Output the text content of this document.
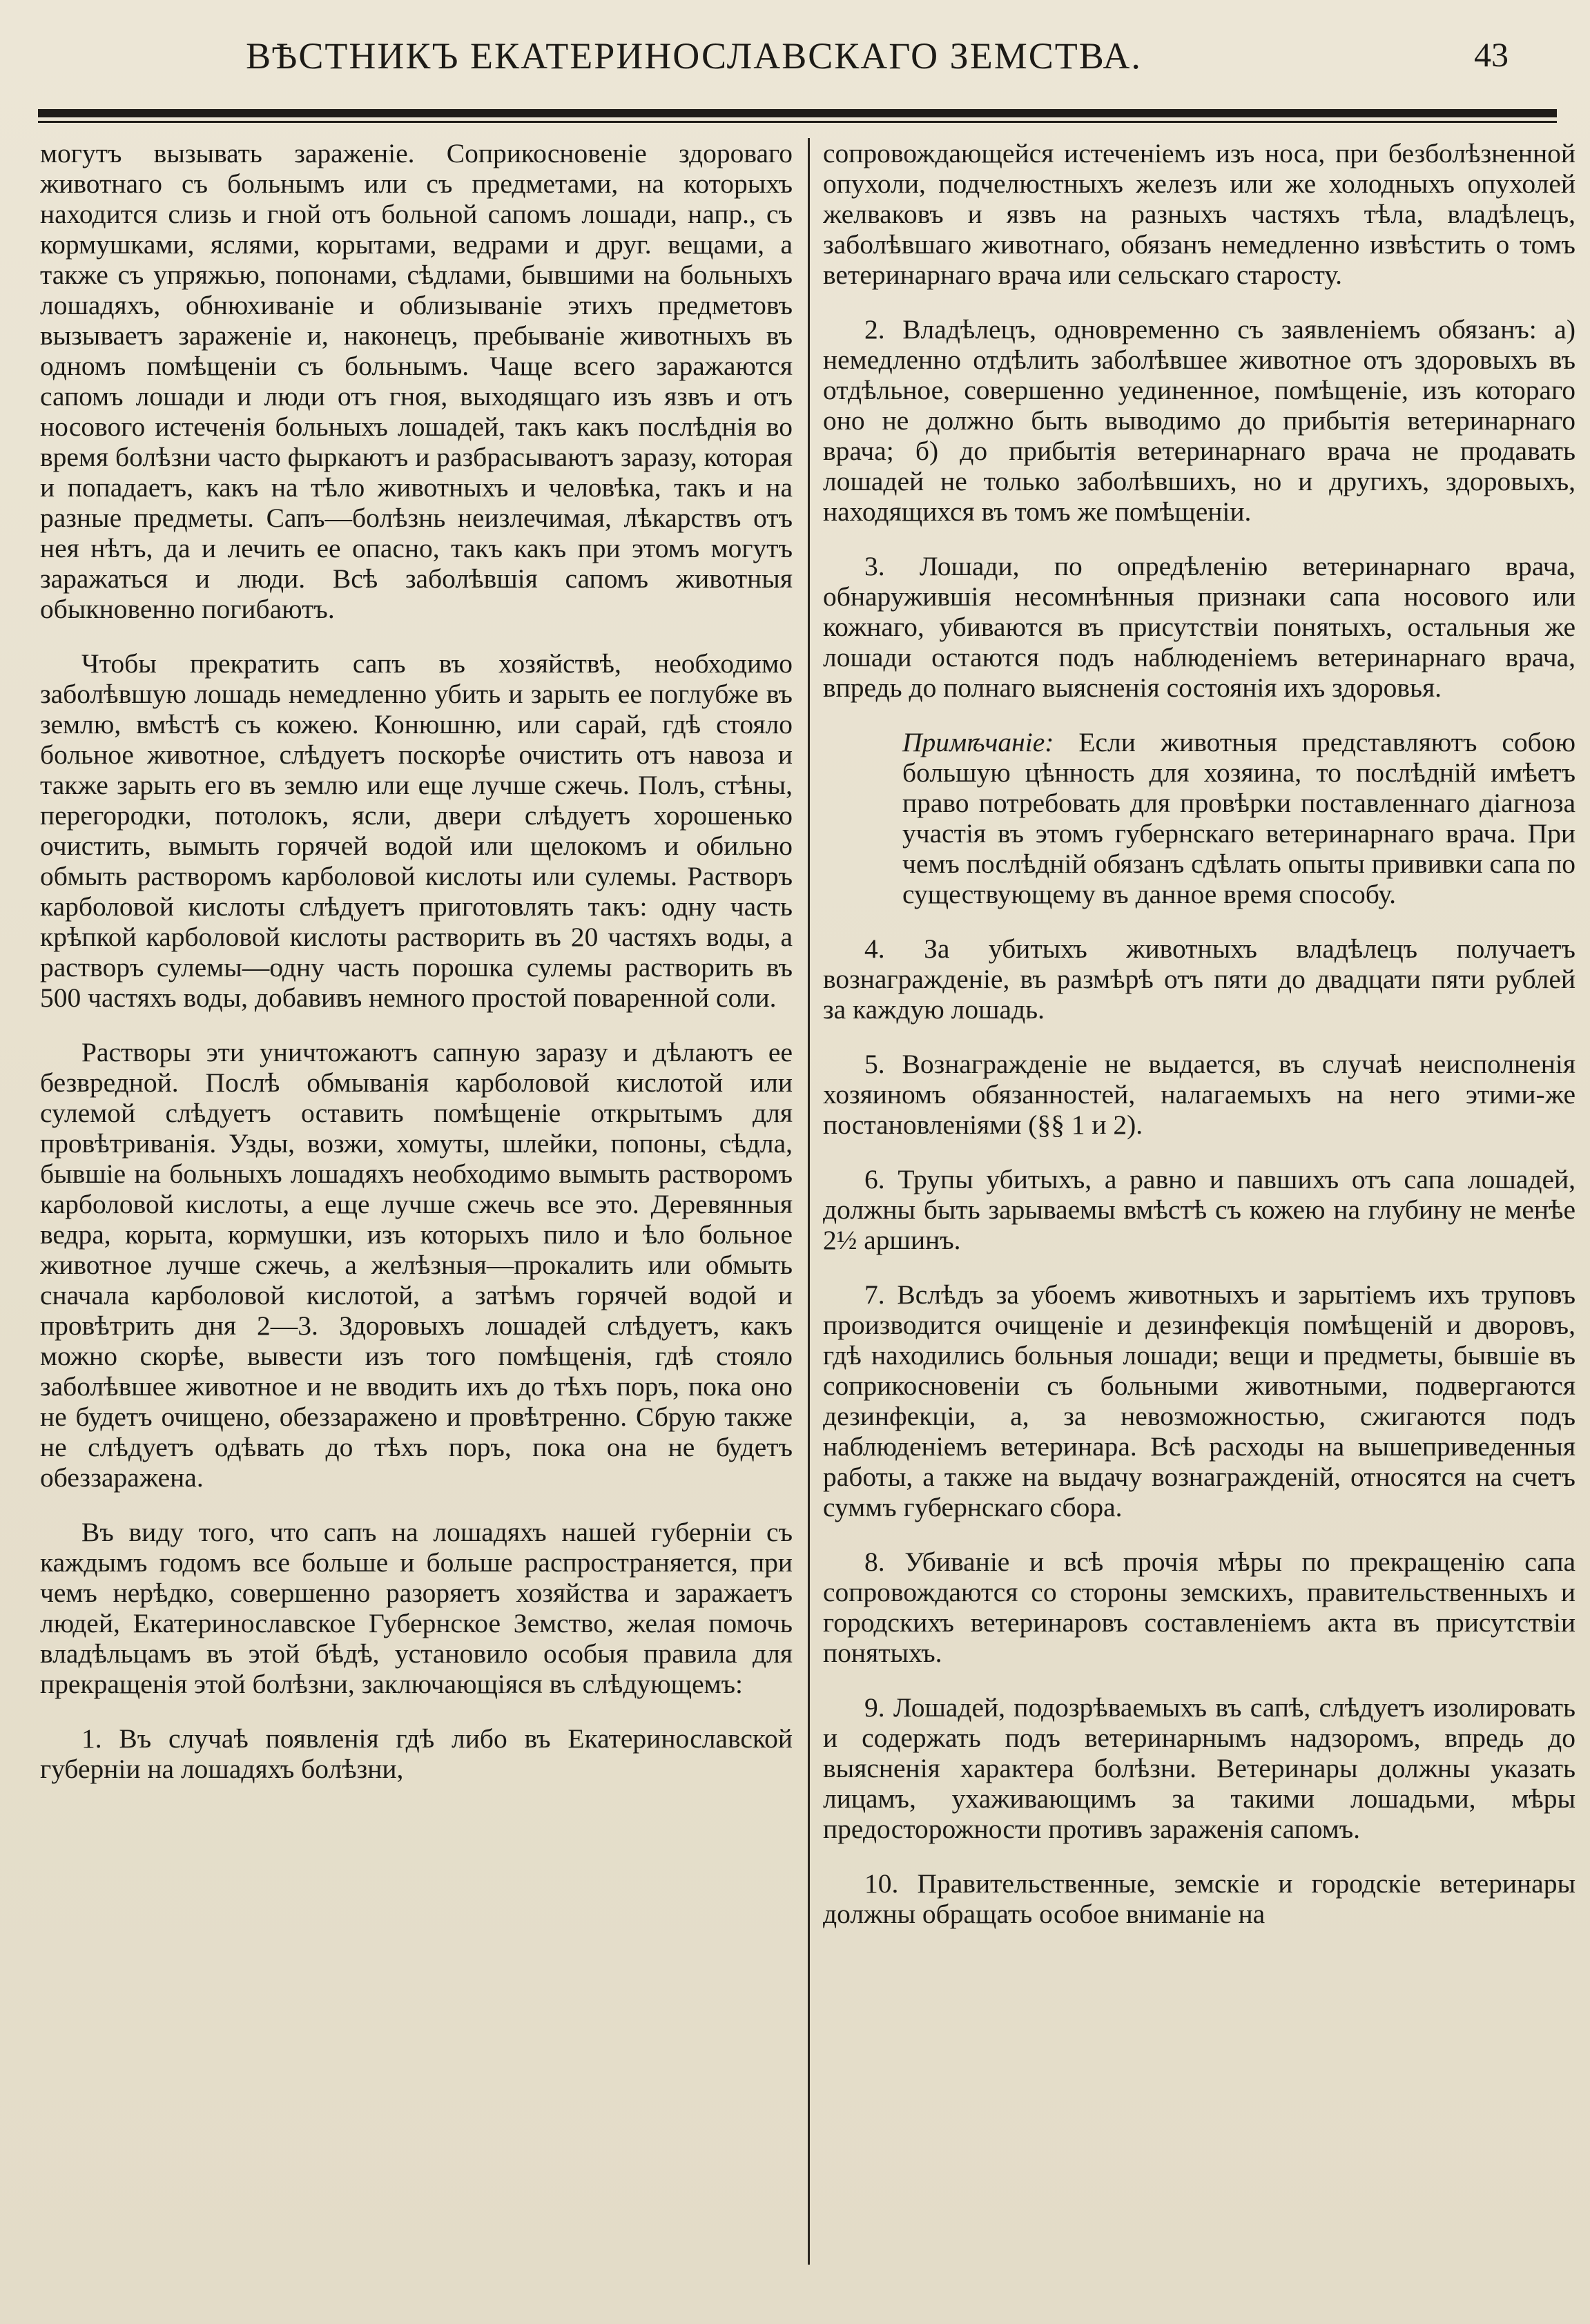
ВѢСТНИКЪ ЕКАТЕРИНОСЛАВСКАГО ЗЕМСТВА.	43

могутъ вызывать зараженіе. Соприкосновеніе здороваго животнаго съ больнымъ или съ предметами, на которыхъ находится слизь и гной отъ больной сапомъ лошади, напр., съ кормушками, яслями, корытами, ведрами и друг. вещами, а также съ упряжью, попонами, сѣдлами, бывшими на больныхъ лошадяхъ, обнюхиваніе и облизываніе этихъ предметовъ вызываетъ зараженіе и, наконецъ, пребываніе животныхъ въ одномъ помѣщеніи съ больнымъ. Чаще всего заражаются сапомъ лошади и люди отъ гноя, выходящаго изъ язвъ и отъ носового истеченія больныхъ лошадей, такъ какъ послѣднія во время болѣзни часто фыркаютъ и разбрасываютъ заразу, которая и попадаетъ, какъ на тѣло животныхъ и человѣка, такъ и на разные предметы. Сапъ—болѣзнь неизлечимая, лѣкарствъ отъ нея нѣтъ, да и лечить ее опасно, такъ какъ при этомъ могутъ заражаться и люди. Всѣ заболѣвшія сапомъ животныя обыкновенно погибаютъ.

Чтобы прекратить сапъ въ хозяйствѣ, необходимо заболѣвшую лошадь немедленно убить и зарыть ее поглубже въ землю, вмѣстѣ съ кожею. Конюшню, или сарай, гдѣ стояло больное животное, слѣдуетъ поскорѣе очистить отъ навоза и также зарыть его въ землю или еще лучше сжечь. Полъ, стѣны, перегородки, потолокъ, ясли, двери слѣдуетъ хорошенько очистить, вымыть горячей водой или щелокомъ и обильно обмыть растворомъ карболовой кислоты или сулемы. Растворъ карболовой кислоты слѣдуетъ приготовлять такъ: одну часть крѣпкой карболовой кислоты растворить въ 20 частяхъ воды, а растворъ сулемы—одну часть порошка сулемы растворить въ 500 частяхъ воды, добавивъ немного простой поваренной соли.

Растворы эти уничтожаютъ сапную заразу и дѣлаютъ ее безвредной. Послѣ обмыванія карболовой кислотой или сулемой слѣдуетъ оставить помѣщеніе открытымъ для провѣтриванія. Узды, возжи, хомуты, шлейки, попоны, сѣдла, бывшіе на больныхъ лошадяхъ необходимо вымыть растворомъ карболовой кислоты, а еще лучше сжечь все это. Деревянныя ведра, корыта, кормушки, изъ которыхъ пило и ѣло больное животное лучше сжечь, а желѣзныя—прокалить или обмыть сначала карболовой кислотой, а затѣмъ горячей водой и провѣтрить дня 2—3. Здоровыхъ лошадей слѣдуетъ, какъ можно скорѣе, вывести изъ того помѣщенія, гдѣ стояло заболѣвшее животное и не вводить ихъ до тѣхъ поръ, пока оно не будетъ очищено, обеззаражено и провѣтренно. Сбрую также не слѣдуетъ одѣвать до тѣхъ поръ, пока она не будетъ обеззаражена.

Въ виду того, что сапъ на лошадяхъ нашей губерніи съ каждымъ годомъ все больше и больше распространяется, при чемъ нерѣдко, совершенно разоряетъ хозяйства и заражаетъ людей, Екатеринославское Губернское Земство, желая помочь владѣльцамъ въ этой бѣдѣ, установило особыя правила для прекращенія этой болѣзни, заключающіяся въ слѣдующемъ:

1. Въ случаѣ появленія гдѣ либо въ Екатеринославской губерніи на лошадяхъ болѣзни,

сопровождающейся истеченіемъ изъ носа, при безболѣзненной опухоли, подчелюстныхъ железъ или же холодныхъ опухолей желваковъ и язвъ на разныхъ частяхъ тѣла, владѣлецъ, заболѣвшаго животнаго, обязанъ немедленно извѣстить о томъ ветеринарнаго врача или сельскаго старосту.

2. Владѣлецъ, одновременно съ заявленіемъ обязанъ: а) немедленно отдѣлить заболѣвшее животное отъ здоровыхъ въ отдѣльное, совершенно уединенное, помѣщеніе, изъ котораго оно не должно быть выводимо до прибытія ветеринарнаго врача; б) до прибытія ветеринарнаго врача не продавать лошадей не только заболѣвшихъ, но и другихъ, здоровыхъ, находящихся въ томъ же помѣщеніи.

3. Лошади, по опредѣленію ветеринарнаго врача, обнаружившія несомнѣнныя признаки сапа носового или кожнаго, убиваются въ присутствіи понятыхъ, остальныя же лошади остаются подъ наблюденіемъ ветеринарнаго врача, впредь до полнаго выясненія состоянія ихъ здоровья.

Примѣчаніе: Если животныя представляютъ собою большую цѣнность для хозяина, то послѣдній имѣетъ право потребовать для провѣрки поставленнаго діагноза участія въ этомъ губернскаго ветеринарнаго врача. При чемъ послѣдній обязанъ сдѣлать опыты прививки сапа по существующему въ данное время способу.

4. За убитыхъ животныхъ владѣлецъ получаетъ вознагражденіе, въ размѣрѣ отъ пяти до двадцати пяти рублей за каждую лошадь.

5. Вознагражденіе не выдается, въ случаѣ неисполненія хозяиномъ обязанностей, налагаемыхъ на него этими-же постановленіями (§§ 1 и 2).

6. Трупы убитыхъ, а равно и павшихъ отъ сапа лошадей, должны быть зарываемы вмѣстѣ съ кожею на глубину не менѣе 2½ аршинъ.

7. Вслѣдъ за убоемъ животныхъ и зарытіемъ ихъ труповъ производится очищеніе и дезинфекція помѣщеній и дворовъ, гдѣ находились больныя лошади; вещи и предметы, бывшіе въ соприкосновеніи съ больными животными, подвергаются дезинфекціи, а, за невозможностью, сжигаются подъ наблюденіемъ ветеринара. Всѣ расходы на вышеприведенныя работы, а также на выдачу вознагражденій, относятся на счетъ суммъ губернскаго сбора.

8. Убиваніе и всѣ прочія мѣры по прекращенію сапа сопровождаются со стороны земскихъ, правительственныхъ и городскихъ ветеринаровъ составленіемъ акта въ присутствіи понятыхъ.

9. Лошадей, подозрѣваемыхъ въ сапѣ, слѣдуетъ изолировать и содержать подъ ветеринарнымъ надзоромъ, впредь до выясненія характера болѣзни. Ветеринары должны указать лицамъ, ухаживающимъ за такими лошадьми, мѣры предосторожности противъ зараженія сапомъ.

10. Правительственные, земскіе и городскіе ветеринары должны обращать особое вниманіе на
